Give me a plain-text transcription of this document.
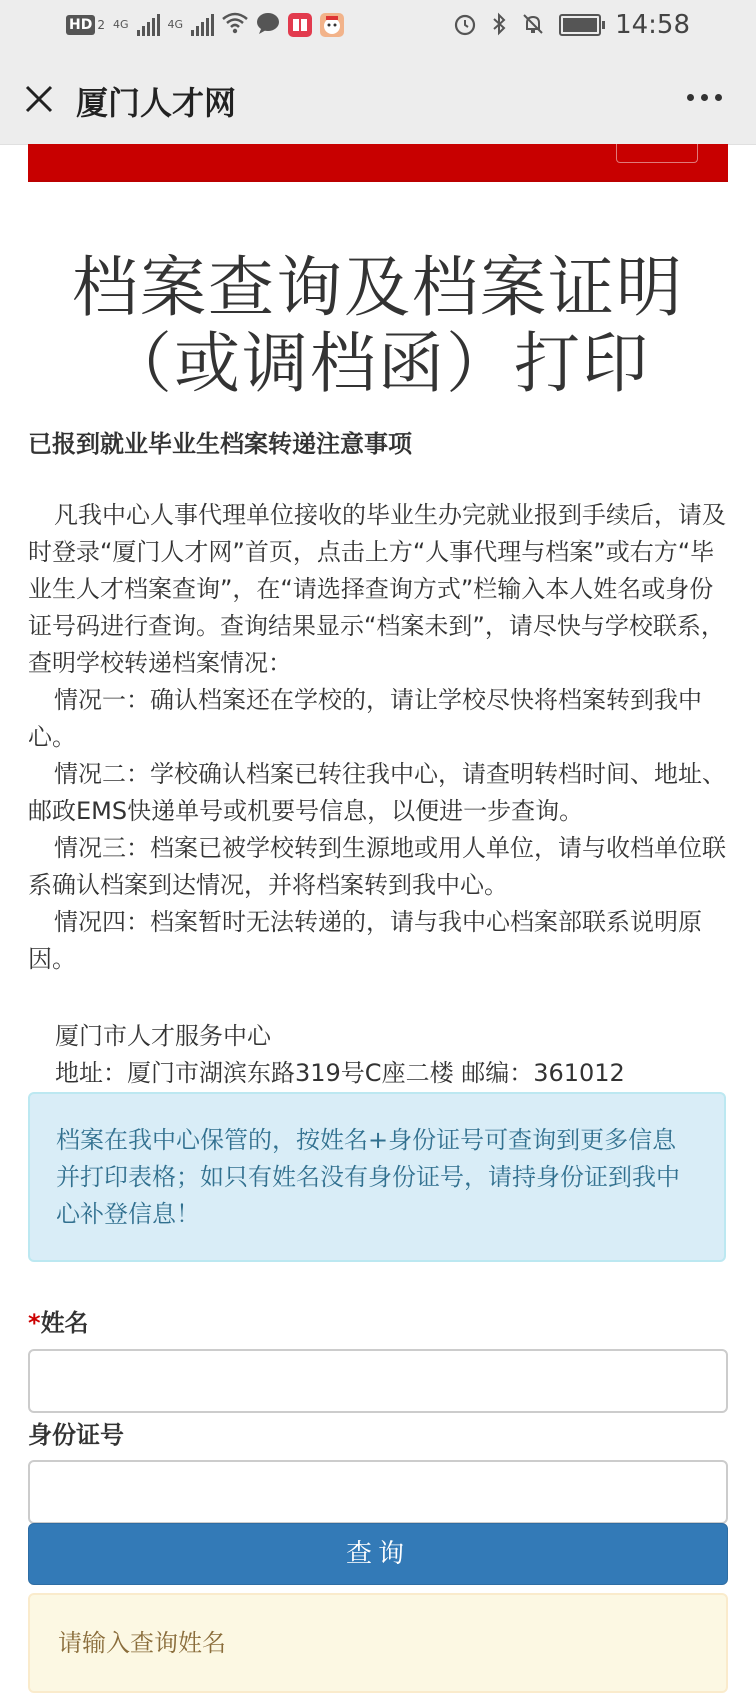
HD 2 4G	4G	14:58
厦门人才网
档案查询及档案证明（或调档函）打印
已报到就业毕业生档案转递注意事项

凡我中心人事代理单位接收的毕业生办完就业报到手续后，请及时登录“厦门人才网”首页，点击上方“人事代理与档案”或右方“毕业生人才档案查询”，在“请选择查询方式”栏输入本人姓名或身份证号码进行查询。查询结果显示“档案未到”，请尽快与学校联系，查明学校转递档案情况：

情况一：确认档案还在学校的，请让学校尽快将档案转到我中心。

情况二：学校确认档案已转往我中心，请查明转档时间、地址、邮政EMS快递单号或机要号信息，以便进一步查询。

情况三：档案已被学校转到生源地或用人单位，请与收档单位联系确认档案到达情况，并将档案转到我中心。

情况四：档案暂时无法转递的，请与我中心档案部联系说明原因。

厦门市人才服务中心

地址：厦门市湖滨东路319号C座二楼 邮编：361012

档案在我中心保管的，按姓名+身份证号可查询到更多信息并打印表格；如只有姓名没有身份证号，请持身份证到我中心补登信息！
*姓名
身份证号
查询
请输入查询姓名
